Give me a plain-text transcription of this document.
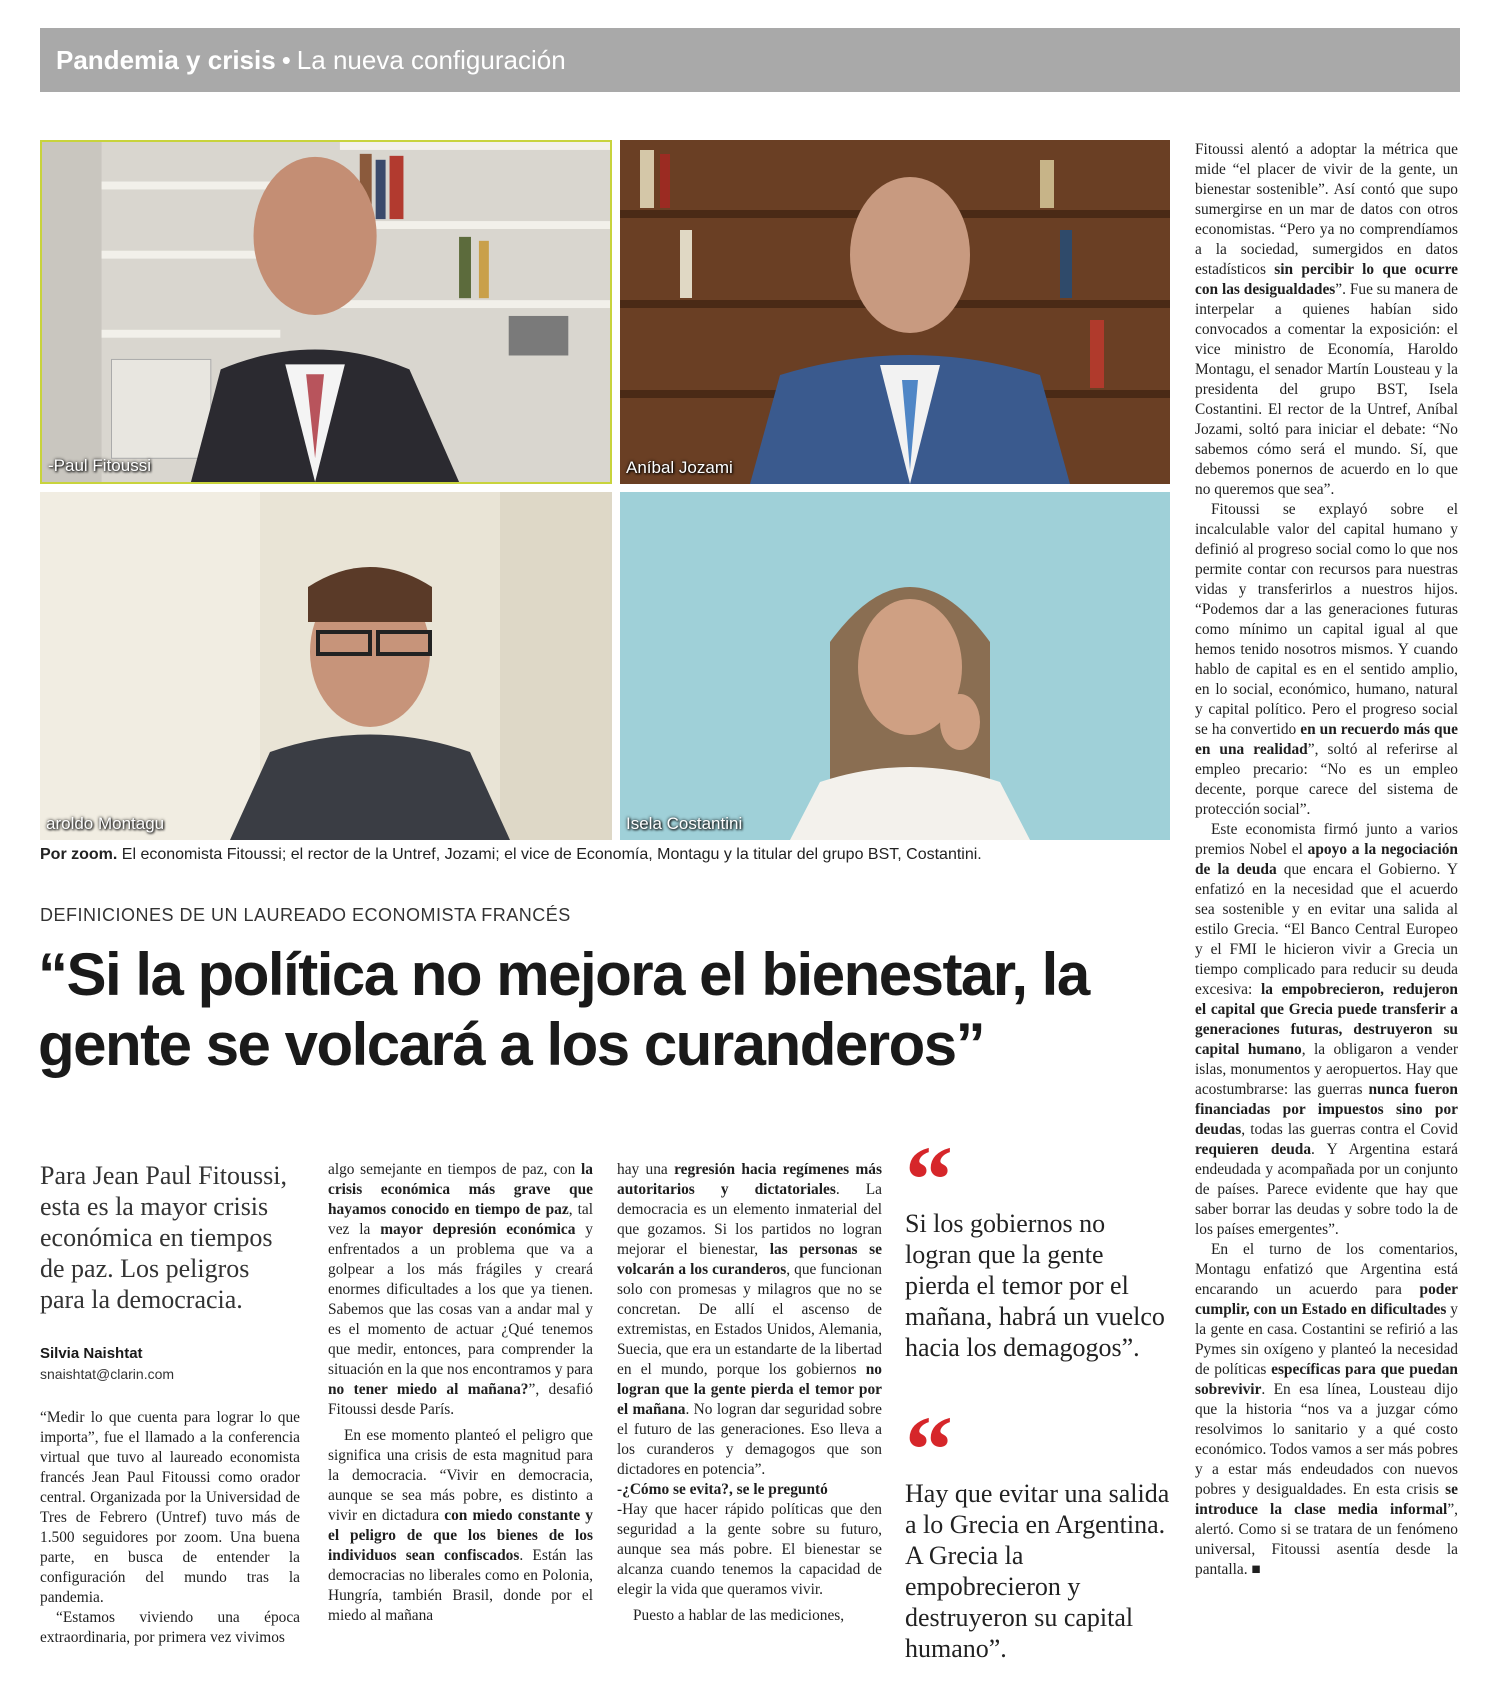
Pandemia y crisis • La nueva configuración
-Paul Fitoussi	Aníbal Jozami
aroldo Montagu	Isela Costantini
Por zoom. El economista Fitoussi; el rector de la Untref, Jozami; el vice de Economía, Montagu y la titular del grupo BST, Costantini.
DEFINICIONES DE UN LAUREADO ECONOMISTA FRANCÉS
“Si la política no mejora el bienestar, la gente se volcará a los curanderos”
Para Jean Paul Fitoussi, esta es la mayor crisis económica en tiempos de paz. Los peligros para la democracia.
Silvia Naishtat
snaishtat@clarin.com

“Medir lo que cuenta para lograr lo que importa”, fue el llamado a la conferencia virtual que tuvo al laureado economista francés Jean Paul Fitoussi como orador central. Organizada por la Universidad de Tres de Febrero (Untref) tuvo más de 1.500 seguidores por zoom. Una buena parte, en busca de entender la configuración del mundo tras la pandemia.

“Estamos viviendo una época extraordinaria, por primera vez vivimos

algo semejante en tiempos de paz, con la crisis económica más grave que hayamos conocido en tiempo de paz, tal vez la mayor depresión económica y enfrentados a un problema que va a golpear a los más frágiles y creará enormes dificultades a los que ya tienen. Sabemos que las cosas van a andar mal y es el momento de actuar ¿Qué tenemos que medir, entonces, para comprender la situación en la que nos encontramos y para no tener miedo al mañana?”, desafió Fitoussi desde París.

En ese momento planteó el peligro que significa una crisis de esta magnitud para la democracia. “Vivir en democracia, aunque se sea más pobre, es distinto a vivir en dictadura con miedo constante y el peligro de que los bienes de los individuos sean confiscados. Están las democracias no liberales como en Polonia, Hungría, también Brasil, donde por el miedo al mañana

hay una regresión hacia regímenes más autoritarios y dictatoriales. La democracia es un elemento inmaterial del que gozamos. Si los partidos no logran mejorar el bienestar, las personas se volcarán a los curanderos, que funcionan solo con promesas y milagros que no se concretan. De allí el ascenso de extremistas, en Estados Unidos, Alemania, Suecia, que era un estandarte de la libertad en el mundo, porque los gobiernos no logran que la gente pierda el temor por el mañana. No logran dar seguridad sobre el futuro de las generaciones. Eso lleva a los curanderos y demagogos que son dictadores en potencia”.

-¿Cómo se evita?, se le preguntó

-Hay que hacer rápido políticas que den seguridad a la gente sobre su futuro, aunque sea más pobre. El bienestar se alcanza cuando tenemos la capacidad de elegir la vida que queramos vivir.

Puesto a hablar de las mediciones,

“
Si los gobiernos no logran que la gente pierda el temor por el mañana, habrá un vuelco hacia los demagogos”.
“
Hay que evitar una salida a lo Grecia en Argentina. A Grecia la empobrecieron y destruyeron su capital humano”.

Fitoussi alentó a adoptar la métrica que mide “el placer de vivir de la gente, un bienestar sostenible”. Así contó que supo sumergirse en un mar de datos con otros economistas. “Pero ya no comprendíamos a la sociedad, sumergidos en datos estadísticos sin percibir lo que ocurre con las desigualdades”. Fue su manera de interpelar a quienes habían sido convocados a comentar la exposición: el vice ministro de Economía, Haroldo Montagu, el senador Martín Lousteau y la presidenta del grupo BST, Isela Costantini. El rector de la Untref, Aníbal Jozami, soltó para iniciar el debate: “No sabemos cómo será el mundo. Sí, que debemos ponernos de acuerdo en lo que no queremos que sea”.

Fitoussi se explayó sobre el incalculable valor del capital humano y definió al progreso social como lo que nos permite contar con recursos para nuestras vidas y transferirlos a nuestros hijos. “Podemos dar a las generaciones futuras como mínimo un capital igual al que hemos tenido nosotros mismos. Y cuando hablo de capital es en el sentido amplio, en lo social, económico, humano, natural y capital político. Pero el progreso social se ha convertido en un recuerdo más que en una realidad”, soltó al referirse al empleo precario: “No es un empleo decente, porque carece del sistema de protección social”.

Este economista firmó junto a varios premios Nobel el apoyo a la negociación de la deuda que encara el Gobierno. Y enfatizó en la necesidad que el acuerdo sea sostenible y en evitar una salida al estilo Grecia. “El Banco Central Europeo y el FMI le hicieron vivir a Grecia un tiempo complicado para reducir su deuda excesiva: la empobrecieron, redujeron el capital que Grecia puede transferir a generaciones futuras, destruyeron su capital humano, la obligaron a vender islas, monumentos y aeropuertos. Hay que acostumbrarse: las guerras nunca fueron financiadas por impuestos sino por deudas, todas las guerras contra el Covid requieren deuda. Y Argentina estará endeudada y acompañada por un conjunto de países. Parece evidente que hay que saber borrar las deudas y sobre todo la de los países emergentes”.

En el turno de los comentarios, Montagu enfatizó que Argentina está encarando un acuerdo para poder cumplir, con un Estado en dificultades y la gente en casa. Costantini se refirió a las Pymes sin oxígeno y planteó la necesidad de políticas específicas para que puedan sobrevivir. En esa línea, Lousteau dijo que la historia “nos va a juzgar cómo resolvimos lo sanitario y a qué costo económico. Todos vamos a ser más pobres y a estar más endeudados con nuevos pobres y desigualdades. En esta crisis se introduce la clase media informal”, alertó. Como si se tratara de un fenómeno universal, Fitoussi asentía desde la pantalla. ■
